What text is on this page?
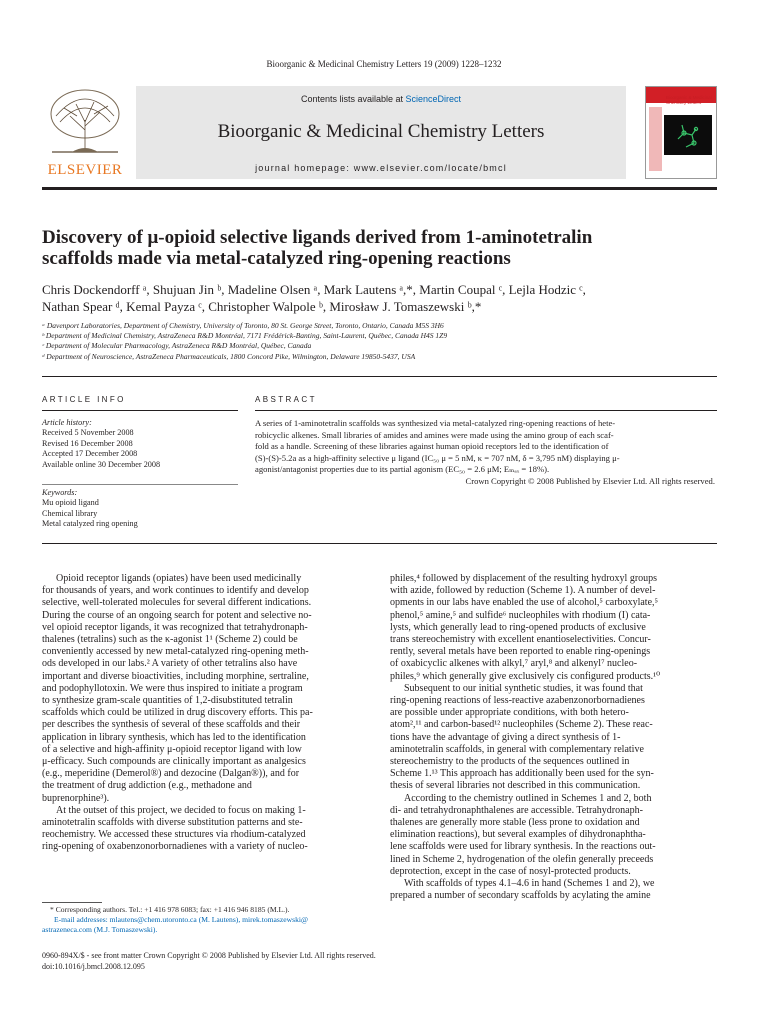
Bioorganic & Medicinal Chemistry Letters 19 (2009) 1228–1232
ELSEVIER
Contents lists available at ScienceDirect
Bioorganic & Medicinal Chemistry Letters
journal homepage: www.elsevier.com/locate/bmcl
Bioorganic & Medicinal
Chemistry Letters
Discovery of μ-opioid selective ligands derived from 1-aminotetralin
scaffolds made via metal-catalyzed ring-opening reactions
Chris Dockendorff ᵃ, Shujuan Jin ᵇ, Madeline Olsen ᵃ, Mark Lautens ᵃ,*, Martin Coupal ᶜ, Lejla Hodzic ᶜ,
Nathan Spear ᵈ, Kemal Payza ᶜ, Christopher Walpole ᵇ, Mirosław J. Tomaszewski ᵇ,*
ᵃ Davenport Laboratories, Department of Chemistry, University of Toronto, 80 St. George Street, Toronto, Ontario, Canada M5S 3H6
ᵇ Department of Medicinal Chemistry, AstraZeneca R&D Montréal, 7171 Frédérick-Banting, Saint-Laurent, Québec, Canada H4S 1Z9
ᶜ Department of Molecular Pharmacology, AstraZeneca R&D Montréal, Québec, Canada
ᵈ Department of Neuroscience, AstraZeneca Pharmaceuticals, 1800 Concord Pike, Wilmington, Delaware 19850-5437, USA
ARTICLE INFO
Article history:
Received 5 November 2008
Revised 16 December 2008
Accepted 17 December 2008
Available online 30 December 2008
Keywords:
Mu opioid ligand
Chemical library
Metal catalyzed ring opening
ABSTRACT
A series of 1-aminotetralin scaffolds was synthesized via metal-catalyzed ring-opening reactions of hete-
robicyclic alkenes. Small libraries of amides and amines were made using the amino group of each scaf-
fold as a handle. Screening of these libraries against human opioid receptors led to the identification of
(S)-(S)-5.2a as a high-affinity selective μ ligand (IC₅₀ μ = 5 nM, κ = 707 nM, δ = 3,795 nM) displaying μ-
agonist/antagonist properties due to its partial agonism (EC₅₀ = 2.6 μM; Eₘₐₓ = 18%).
Crown Copyright © 2008 Published by Elsevier Ltd. All rights reserved.
Opioid receptor ligands (opiates) have been used medicinally
for thousands of years, and work continues to identify and develop
selective, well-tolerated molecules for several different indications.
During the course of an ongoing search for potent and selective no-
vel opioid receptor ligands, it was recognized that tetrahydronaph-
thalenes (tetralins) such as the κ-agonist 1¹ (Scheme 2) could be
conveniently accessed by new metal-catalyzed ring-opening meth-
ods developed in our labs.² A variety of other tetralins also have
important and diverse bioactivities, including morphine, sertraline,
and podophyllotoxin. We were thus inspired to initiate a program
to synthesize gram-scale quantities of 1,2-disubstituted tetralin
scaffolds which could be utilized in drug discovery efforts. This pa-
per describes the synthesis of several of these scaffolds and their
application in library synthesis, which has led to the identification
of a selective and high-affinity μ-opioid receptor ligand with low
μ-efficacy. Such compounds are clinically important as analgesics
(e.g., meperidine (Demerol®) and dezocine (Dalgan®)), and for
the treatment of drug addiction (e.g., methadone and
buprenorphine³).
At the outset of this project, we decided to focus on making 1-
aminotetralin scaffolds with diverse substitution patterns and ste-
reochemistry. We accessed these structures via rhodium-catalyzed
ring-opening of oxabenzonorbornadienes with a variety of nucleo-
philes,⁴ followed by displacement of the resulting hydroxyl groups
with azide, followed by reduction (Scheme 1). A number of devel-
opments in our labs have enabled the use of alcohol,⁵ carboxylate,⁵
phenol,⁵ amine,⁵ and sulfide⁶ nucleophiles with rhodium (I) cata-
lysts, which generally lead to ring-opened products of exclusive
trans stereochemistry with excellent enantioselectivities. Concur-
rently, several metals have been reported to enable ring-openings
of oxabicyclic alkenes with alkyl,⁷ aryl,⁸ and alkenyl⁷ nucleo-
philes,⁹ which generally give exclusively cis configured products.¹⁰
Subsequent to our initial synthetic studies, it was found that
ring-opening reactions of less-reactive azabenzonorbornadienes
are possible under appropriate conditions, with both hetero-
atom²,¹¹ and carbon-based¹² nucleophiles (Scheme 2). These reac-
tions have the advantage of giving a direct synthesis of 1-
aminotetralin scaffolds, in general with complementary relative
stereochemistry to the products of the sequences outlined in
Scheme 1.¹³ This approach has additionally been used for the syn-
thesis of several libraries not described in this communication.
According to the chemistry outlined in Schemes 1 and 2, both
di- and tetrahydronaphthalenes are accessible. Tetrahydronaph-
thalenes are generally more stable (less prone to oxidation and
elimination reactions), but several examples of dihydronaphtha-
lene scaffolds were used for library synthesis. In the reactions out-
lined in Scheme 2, hydrogenation of the olefin generally preceeds
deprotection, except in the case of nosyl-protected products.
With scaffolds of types 4.1–4.6 in hand (Schemes 1 and 2), we
prepared a number of secondary scaffolds by acylating the amine
* Corresponding authors. Tel.: +1 416 978 6083; fax: +1 416 946 8185 (M.L.).
E-mail addresses: mlautens@chem.utoronto.ca (M. Lautens), mirek.tomaszewski@
astrazeneca.com (M.J. Tomaszewski).
0960-894X/$ - see front matter Crown Copyright © 2008 Published by Elsevier Ltd. All rights reserved.
doi:10.1016/j.bmcl.2008.12.095
